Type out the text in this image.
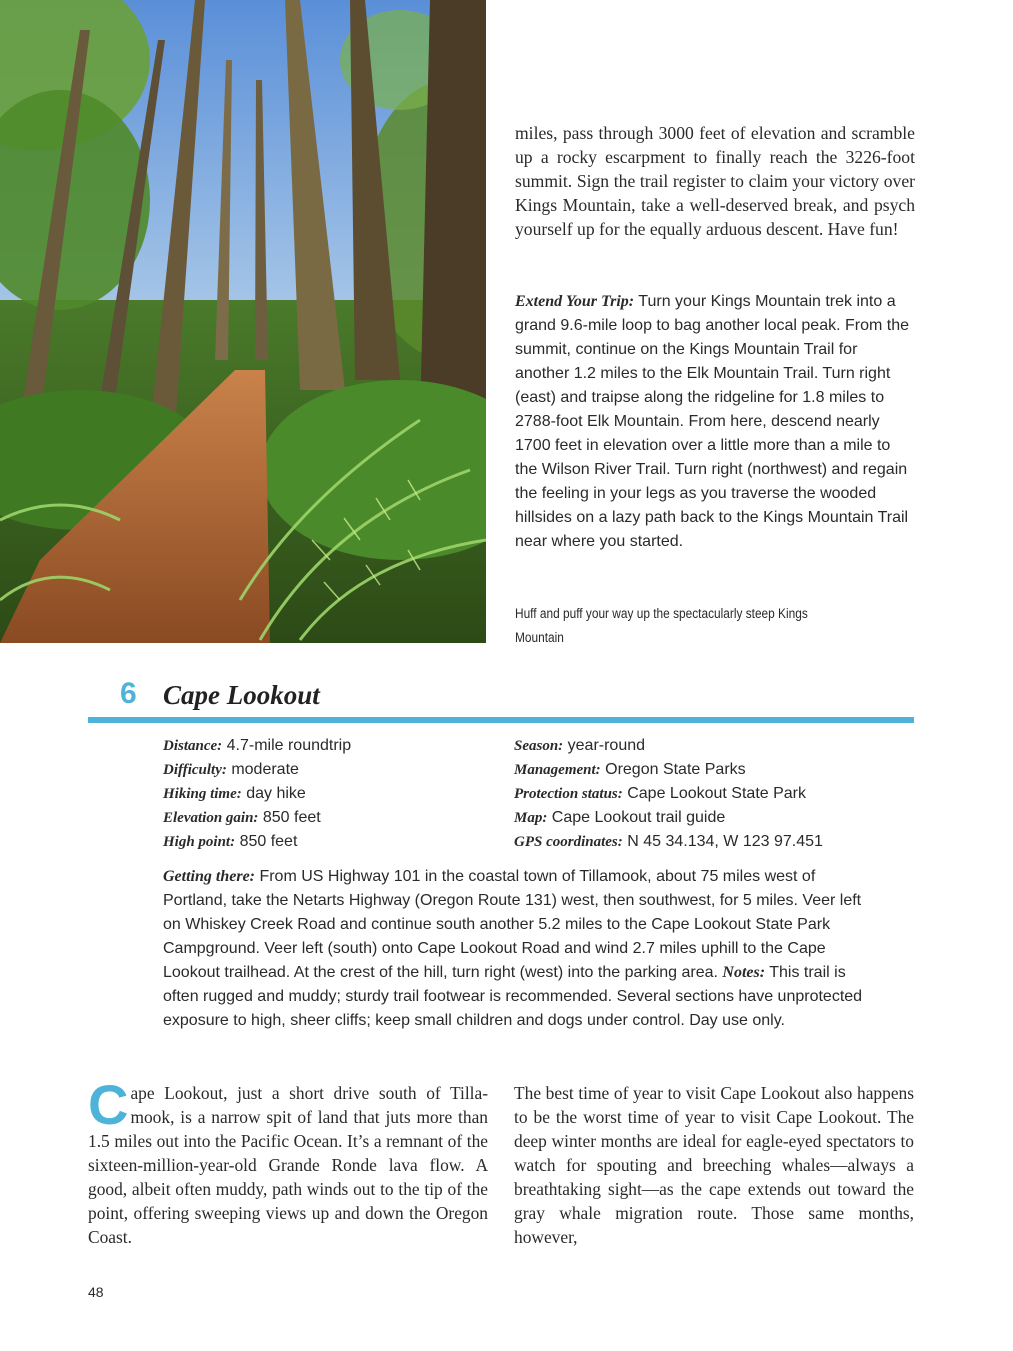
miles, pass through 3000 feet of elevation and scramble up a rocky escarpment to finally reach the 3226-foot summit. Sign the trail register to claim your victory over Kings Mountain, take a well-deserved break, and psych yourself up for the equally arduous descent. Have fun!

Extend Your Trip: Turn your Kings Mountain trek into a grand 9.6-mile loop to bag another local peak. From the summit, continue on the Kings Mountain Trail for another 1.2 miles to the Elk Mountain Trail. Turn right (east) and traipse along the ridgeline for 1.8 miles to 2788-foot Elk Mountain. From here, descend nearly 1700 feet in elevation over a little more than a mile to the Wilson River Trail. Turn right (northwest) and regain the feeling in your legs as you traverse the wooded hillsides on a lazy path back to the Kings Mountain Trail near where you started.

Huff and puff your way up the spectacularly steep Kings Mountain

6 Cape Lookout

Distance: 4.7-mile roundtrip
Difficulty: moderate
Hiking time: day hike
Elevation gain: 850 feet
High point: 850 feet
Season: year-round
Management: Oregon State Parks
Protection status: Cape Lookout State Park
Map: Cape Lookout trail guide
GPS coordinates: N 45 34.134, W 123 97.451

Getting there: From US Highway 101 in the coastal town of Tillamook, about 75 miles west of Portland, take the Netarts Highway (Oregon Route 131) west, then southwest, for 5 miles. Veer left on Whiskey Creek Road and continue south another 5.2 miles to the Cape Lookout State Park Campground. Veer left (south) onto Cape Lookout Road and wind 2.7 miles uphill to the Cape Lookout trailhead. At the crest of the hill, turn right (west) into the parking area. Notes: This trail is often rugged and muddy; sturdy trail footwear is recommended. Several sections have unprotected exposure to high, sheer cliffs; keep small children and dogs under control. Day use only.

Cape Lookout, just a short drive south of Tilla-mook, is a narrow spit of land that juts more than 1.5 miles out into the Pacific Ocean. It’s a remnant of the sixteen-million-year-old Grande Ronde lava flow. A good, albeit often muddy, path winds out to the tip of the point, offering sweeping views up and down the Oregon Coast.

The best time of year to visit Cape Lookout also happens to be the worst time of year to visit Cape Lookout. The deep winter months are ideal for eagle-eyed spectators to watch for spouting and breeching whales—always a breathtaking sight—as the cape extends out toward the gray whale migration route. Those same months, however,

48
